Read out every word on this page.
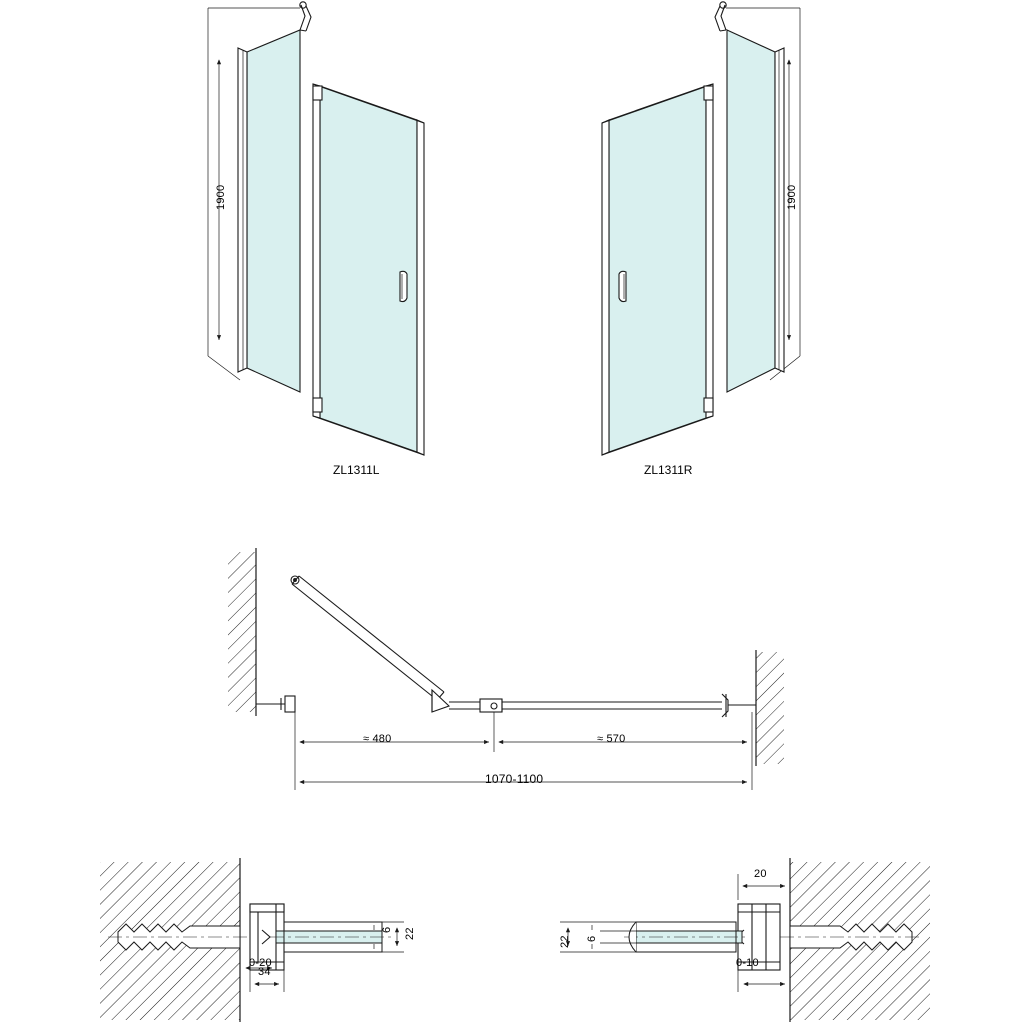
1900	1900
ZL1311L	ZL1311R
≈ 480	≈ 570
1070-1100
6 22
0-20
34
20
22 6
0-10
